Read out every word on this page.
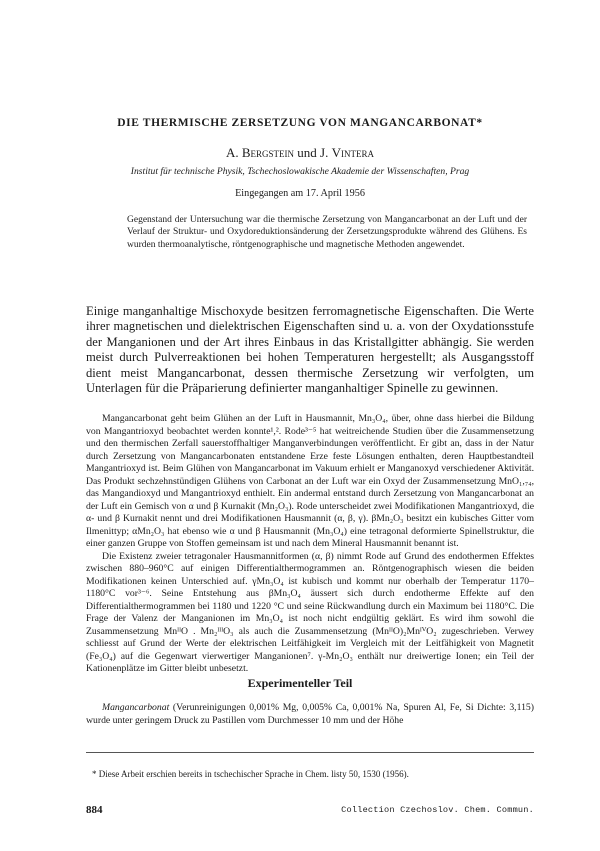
DIE THERMISCHE ZERSETZUNG VON MANGANCARBONAT*
A. Bergstein und J. Vintera
Institut für technische Physik, Tschechoslowakische Akademie der Wissenschaften, Prag
Eingegangen am 17. April 1956
Gegenstand der Untersuchung war die thermische Zersetzung von Mangancarbonat an der Luft und der Verlauf der Struktur- und Oxydoreduktionsänderung der Zersetzungsprodukte während des Glühens. Es wurden thermoanalytische, röntgenographische und magnetische Methoden angewendet.
Einige manganhaltige Mischoxyde besitzen ferromagnetische Eigenschaften. Die Werte ihrer magnetischen und dielektrischen Eigenschaften sind u. a. von der Oxydationsstufe der Manganionen und der Art ihres Einbaus in das Kristallgitter abhängig. Sie werden meist durch Pulverreaktionen bei hohen Temperaturen hergestellt; als Ausgangsstoff dient meist Mangancarbonat, dessen thermische Zersetzung wir verfolgten, um Unterlagen für die Präparierung definierter manganhaltiger Spinelle zu gewinnen.

Mangancarbonat geht beim Glühen an der Luft in Hausmannit, Mn₃O₄, über, ohne dass hierbei die Bildung von Mangantrioxyd beobachtet werden konnte¹,². Rode³⁻⁵ hat weitreichende Studien über die Zusammensetzung und den thermischen Zerfall sauerstoffhaltiger Manganverbindungen veröffentlicht. Er gibt an, dass in der Natur durch Zersetzung von Mangancarbonaten entstandene Erze feste Lösungen enthalten, deren Hauptbestandteil Mangantrioxyd ist. Beim Glühen von Mangancarbonat im Vakuum erhielt er Manganoxyd verschiedener Aktivität. Das Produkt sechzehnstündigen Glühens von Carbonat an der Luft war ein Oxyd der Zusammensetzung MnO₁,₇₄, das Mangandioxyd und Mangantrioxyd enthielt. Ein andermal entstand durch Zersetzung von Mangancarbonat an der Luft ein Gemisch von α und β Kurnakit (Mn₂O₃). Rode unterscheidet zwei Modifikationen Mangantrioxyd, die α- und β Kurnakit nennt und drei Modifikationen Hausmannit (α, β, γ). βMn₂O₃ besitzt ein kubisches Gitter vom Ilmenittyp; αMn₂O₃ hat ebenso wie α und β Hausmannit (Mn₃O₄) eine tetragonal deformierte Spinellstruktur, die einer ganzen Gruppe von Stoffen gemeinsam ist und nach dem Mineral Hausmannit benannt ist.

Die Existenz zweier tetragonaler Hausmannitformen (α, β) nimmt Rode auf Grund des endothermen Effektes zwischen 880–960°C auf einigen Differentialthermogrammen an. Röntgenographisch wiesen die beiden Modifikationen keinen Unterschied auf. γMn₃O₄ ist kubisch und kommt nur oberhalb der Temperatur 1170–1180°C vor³⁻⁶. Seine Entstehung aus βMn₃O₄ äussert sich durch endotherme Effekte auf den Differentialthermogrammen bei 1180 und 1220 °C und seine Rückwandlung durch ein Maximum bei 1180°C. Die Frage der Valenz der Manganionen im Mn₃O₄ ist noch nicht endgültig geklärt. Es wird ihm sowohl die Zusammensetzung MnᴵᴵO . Mn₂ᴵᴵᴵO₃ als auch die Zusammensetzung (MnᴵᴵO)₂MnᴵⱽO₂ zugeschrieben. Verwey schliesst auf Grund der Werte der elektrischen Leitfähigkeit im Vergleich mit der Leitfähigkeit von Magnetit (Fe₃O₄) auf die Gegenwart vierwertiger Manganionen⁷. γ-Mn₂O₃ enthält nur dreiwertige Ionen; ein Teil der Kationenplätze im Gitter bleibt unbesetzt.

Experimenteller Teil
Mangancarbonat (Verunreinigungen 0,001% Mg, 0,005% Ca, 0,001% Na, Spuren Al, Fe, Si Dichte: 3,115) wurde unter geringem Druck zu Pastillen vom Durchmesser 10 mm und der Höhe
* Diese Arbeit erschien bereits in tschechischer Sprache in Chem. listy 50, 1530 (1956).
884	Collection Czechoslov. Chem. Commun.
